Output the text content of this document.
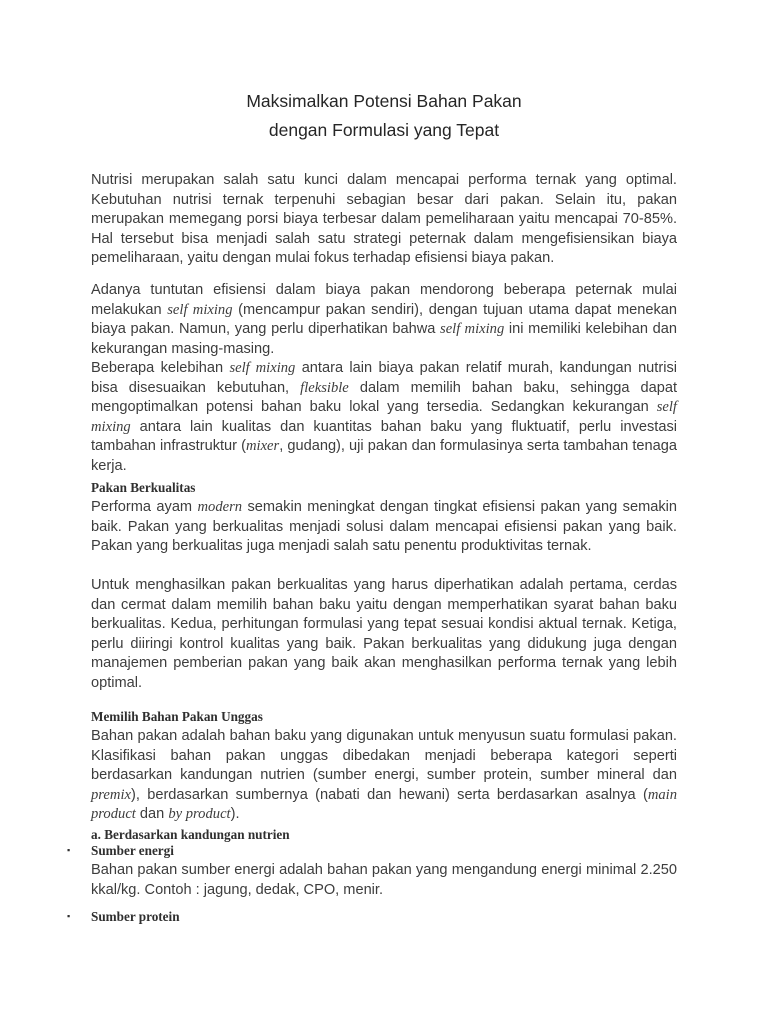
Maksimalkan Potensi Bahan Pakan
dengan Formulasi yang Tepat

Nutrisi merupakan salah satu kunci dalam mencapai performa ternak yang optimal. Kebutuhan nutrisi ternak terpenuhi sebagian besar dari pakan. Selain itu, pakan merupakan memegang porsi biaya terbesar dalam pemeliharaan yaitu mencapai 70-85%. Hal tersebut bisa menjadi salah satu strategi peternak dalam mengefisiensikan biaya pemeliharaan, yaitu dengan mulai fokus terhadap efisiensi biaya pakan.

Adanya tuntutan efisiensi dalam biaya pakan mendorong beberapa peternak mulai melakukan self mixing (mencampur pakan sendiri), dengan tujuan utama dapat menekan biaya pakan. Namun, yang perlu diperhatikan bahwa self mixing ini memiliki kelebihan dan kekurangan masing-masing.

Beberapa kelebihan self mixing antara lain biaya pakan relatif murah, kandungan nutrisi bisa disesuaikan kebutuhan, fleksible dalam memilih bahan baku, sehingga dapat mengoptimalkan potensi bahan baku lokal yang tersedia. Sedangkan kekurangan self mixing antara lain kualitas dan kuantitas bahan baku yang fluktuatif, perlu investasi tambahan infrastruktur (mixer, gudang), uji pakan dan formulasinya serta tambahan tenaga kerja.

Pakan Berkualitas

Performa ayam modern semakin meningkat dengan tingkat efisiensi pakan yang semakin baik. Pakan yang berkualitas menjadi solusi dalam mencapai efisiensi pakan yang baik. Pakan yang berkualitas juga menjadi salah satu penentu produktivitas ternak.

Untuk menghasilkan pakan berkualitas yang harus diperhatikan adalah pertama, cerdas dan cermat dalam memilih bahan baku yaitu dengan memperhatikan syarat bahan baku berkualitas. Kedua, perhitungan formulasi yang tepat sesuai kondisi aktual ternak. Ketiga, perlu diiringi kontrol kualitas yang baik. Pakan berkualitas yang didukung juga dengan manajemen pemberian pakan yang baik akan menghasilkan performa ternak yang lebih optimal.

Memilih Bahan Pakan Unggas

Bahan pakan adalah bahan baku yang digunakan untuk menyusun suatu formulasi pakan. Klasifikasi bahan pakan unggas dibedakan menjadi beberapa kategori seperti berdasarkan kandungan nutrien (sumber energi, sumber protein, sumber mineral dan premix), berdasarkan sumbernya (nabati dan hewani) serta berdasarkan asalnya (main product dan by product).

a. Berdasarkan kandungan nutrien
▪ Sumber energi

Bahan pakan sumber energi adalah bahan pakan yang mengandung energi minimal 2.250 kkal/kg. Contoh : jagung, dedak, CPO, menir.

▪ Sumber protein
